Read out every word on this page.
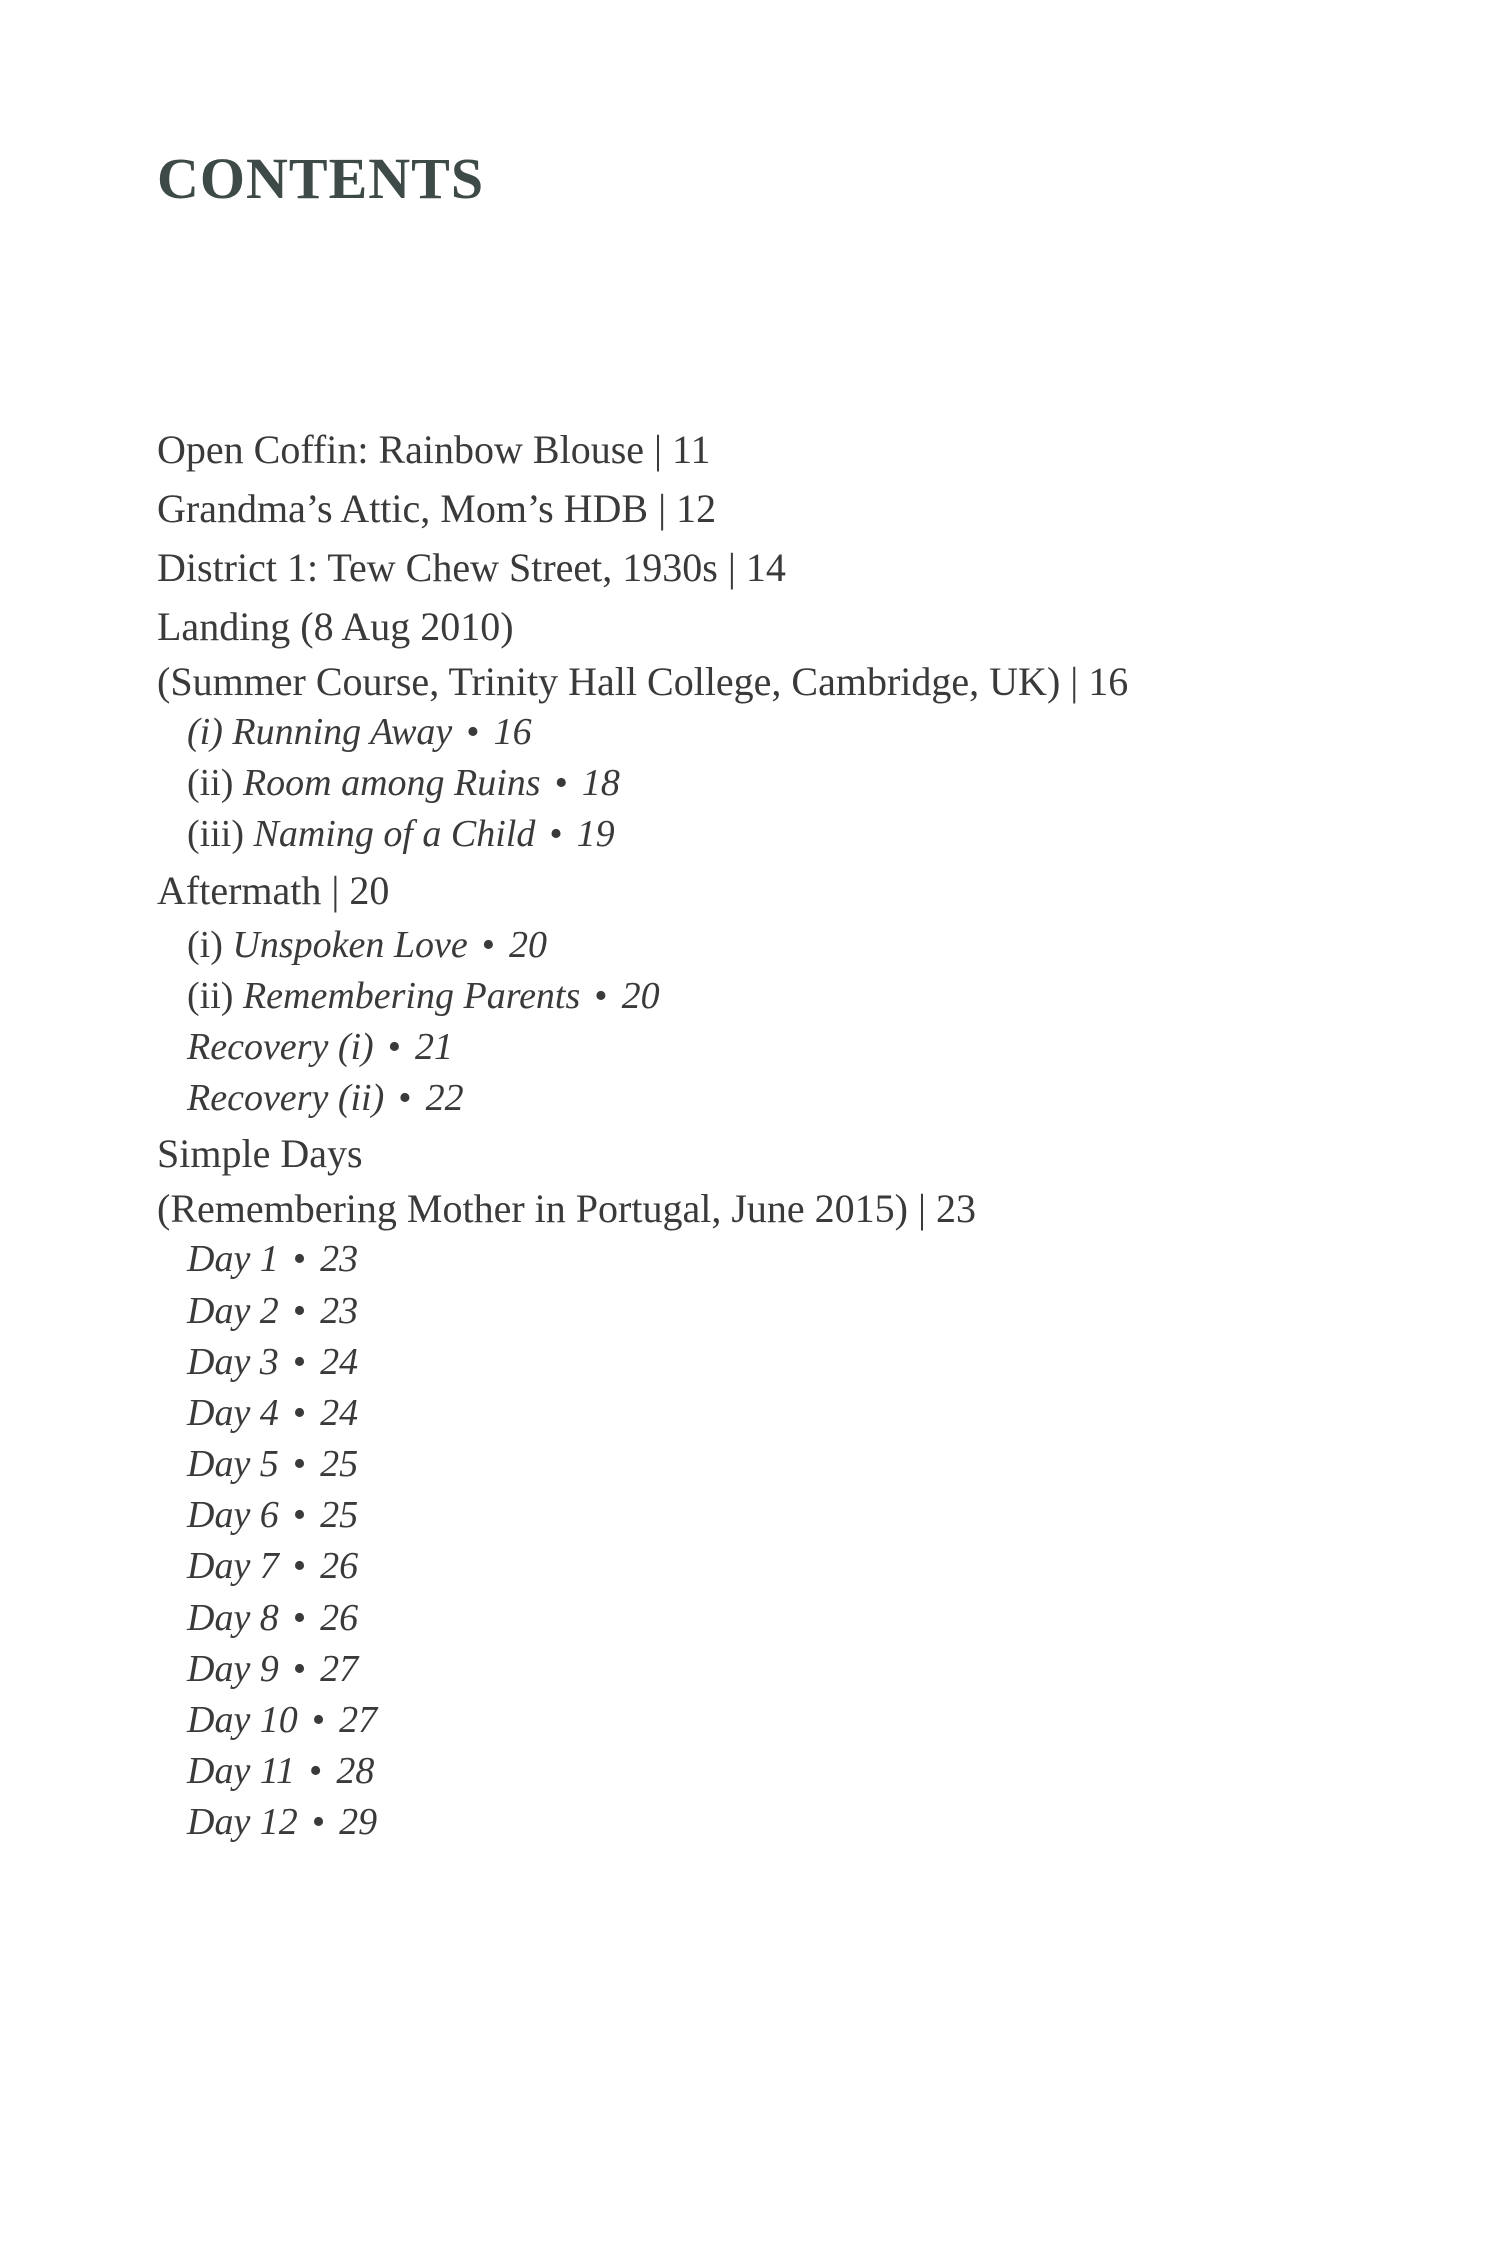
CONTENTS
Open Coffin: Rainbow Blouse | 11
Grandma’s Attic, Mom’s HDB | 12
District 1: Tew Chew Street, 1930s | 14
Landing (8 Aug 2010)
(Summer Course, Trinity Hall College, Cambridge, UK) | 16
(i) Running Away • 16
(ii) Room among Ruins • 18
(iii) Naming of a Child • 19
Aftermath | 20
(i) Unspoken Love • 20
(ii) Remembering Parents • 20
Recovery (i) • 21
Recovery (ii) • 22
Simple Days
(Remembering Mother in Portugal, June 2015) | 23
Day 1 • 23
Day 2 • 23
Day 3 • 24
Day 4 • 24
Day 5 • 25
Day 6 • 25
Day 7 • 26
Day 8 • 26
Day 9 • 27
Day 10 • 27
Day 11 • 28
Day 12 • 29
